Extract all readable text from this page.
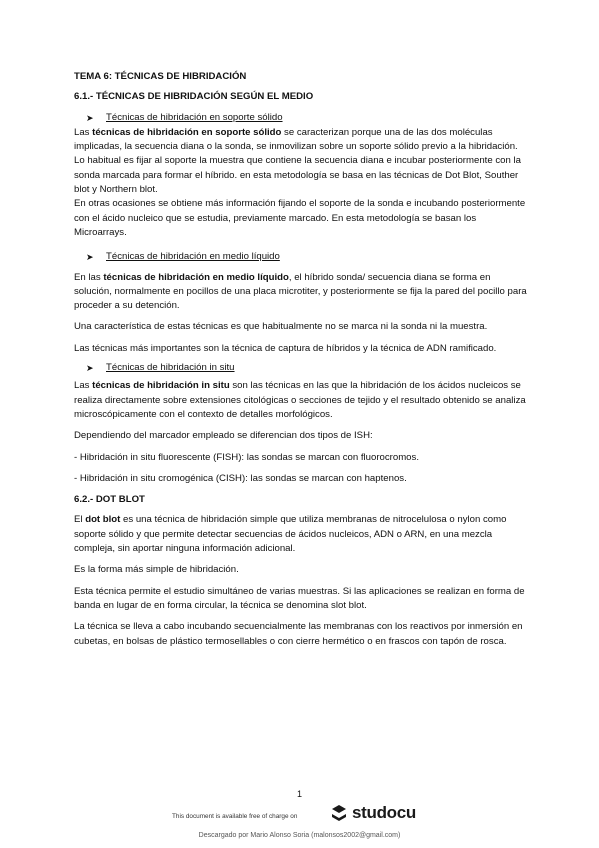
TEMA 6: TÉCNICAS DE HIBRIDACIÓN
6.1.- TÉCNICAS DE HIBRIDACIÓN SEGÚN EL MEDIO
➤	Técnicas de hibridación en soporte sólido

Las técnicas de hibridación en soporte sólido se caracterizan porque una de las dos moléculas implicadas, la secuencia diana o la sonda, se inmovilizan sobre un soporte sólido previo a la hibridación.

Lo habitual es fijar al soporte la muestra que contiene la secuencia diana e incubar posteriormente con la sonda marcada para formar el híbrido. en esta metodología se basa en las técnicas de Dot Blot, Souther blot y Northern blot.

En otras ocasiones se obtiene más información fijando el soporte de la sonda e incubando posteriormente con el ácido nucleico que se estudia, previamente marcado. En esta metodología se basan los Microarrays.

➤	Técnicas de hibridación en medio líquido

En las técnicas de hibridación en medio líquido, el híbrido sonda/ secuencia diana se forma en solución, normalmente en pocillos de una placa microtiter, y posteriormente se fija la pared del pocillo para proceder a su detención.

Una característica de estas técnicas es que habitualmente no se marca ni la sonda ni la muestra.

Las técnicas más importantes son la técnica de captura de híbridos y la técnica de ADN ramificado.

➤	Técnicas de hibridación in situ

Las técnicas de hibridación in situ son las técnicas en las que la hibridación de los ácidos nucleicos se realiza directamente sobre extensiones citológicas o secciones de tejido y el resultado obtenido se analiza microscópicamente con el contexto de detalles morfológicos.

Dependiendo del marcador empleado se diferencian dos tipos de ISH:

- Hibridación in situ fluorescente (FISH): las sondas se marcan con fluorocromos.

- Hibridación in situ cromogénica (CISH): las sondas se marcan con haptenos.

6.2.- DOT BLOT

El dot blot es una técnica de hibridación simple que utiliza membranas de nitrocelulosa o nylon como soporte sólido y que permite detectar secuencias de ácidos nucleicos, ADN o ARN, en una mezcla compleja, sin aportar ninguna información adicional.

Es la forma más simple de hibridación.

Esta técnica permite el estudio simultáneo de varias muestras. Si las aplicaciones se realizan en forma de banda en lugar de en forma circular, la técnica se denomina slot blot.

La técnica se lleva a cabo incubando secuencialmente las membranas con los reactivos por inmersión en cubetas, en bolsas de plástico termosellables o con cierre hermético o en frascos con tapón de rosca.

1
This document is available free of charge on	studocu
Descargado por Mario Alonso Soria (malonsos2002@gmail.com)
